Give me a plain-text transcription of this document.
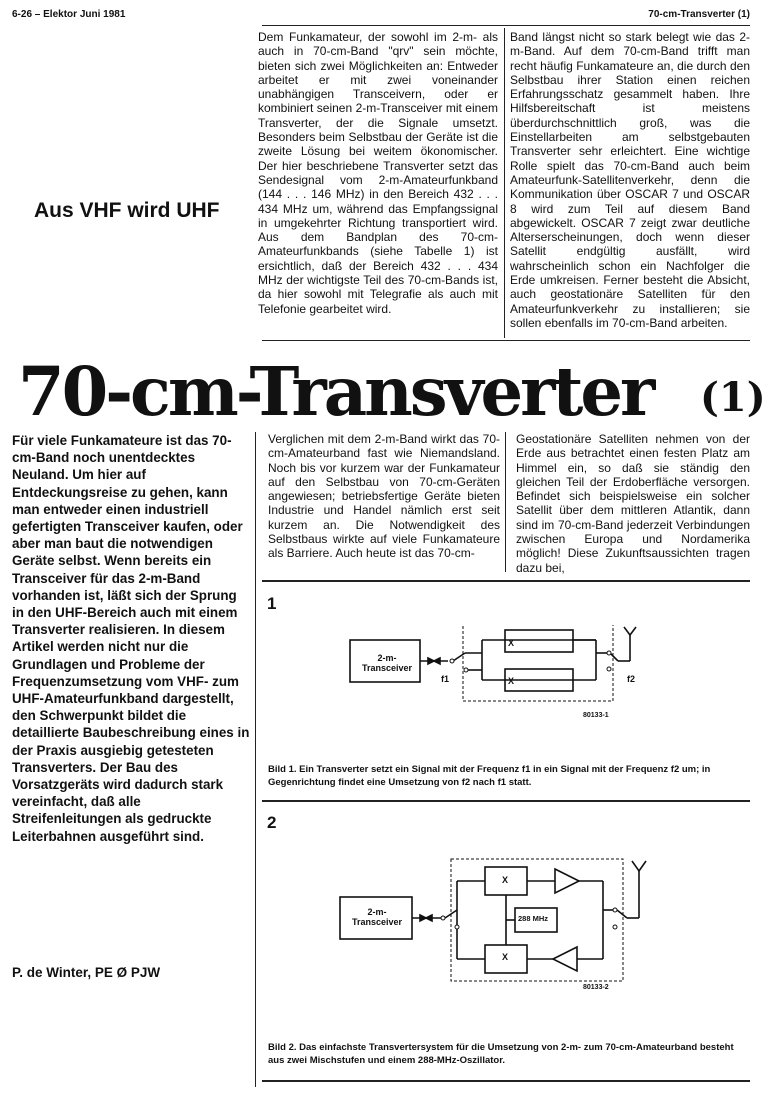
6-26 – Elektor Juni 1981	70-cm-Transverter (1)
Aus VHF wird UHF
Dem Funkamateur, der sowohl im 2-m- als auch in 70-cm-Band "qrv" sein möchte, bieten sich zwei Möglichkeiten an: Entweder arbeitet er mit zwei voneinander unabhängigen Transceivern, oder er kombiniert seinen 2-m-Transceiver mit einem Transverter, der die Signale umsetzt. Besonders beim Selbstbau der Geräte ist die zweite Lösung bei weitem ökonomischer. Der hier beschriebene Transverter setzt das Sendesignal vom 2-m-Amateurfunkband (144 . . . 146 MHz) in den Bereich 432 . . . 434 MHz um, während das Empfangssignal in umgekehrter Richtung transportiert wird. Aus dem Bandplan des 70-cm-Amateurfunkbands (siehe Tabelle 1) ist ersichtlich, daß der Bereich 432 . . . 434 MHz der wichtigste Teil des 70-cm-Bands ist, da hier sowohl mit Telegrafie als auch mit Telefonie gearbeitet wird.
Band längst nicht so stark belegt wie das 2-m-Band. Auf dem 70-cm-Band trifft man recht häufig Funkamateure an, die durch den Selbstbau ihrer Station einen reichen Erfahrungsschatz gesammelt haben. Ihre Hilfsbereitschaft ist meistens überdurchschnittlich groß, was die Einstellarbeiten am selbstgebauten Transverter sehr erleichtert. Eine wichtige Rolle spielt das 70-cm-Band auch beim Amateurfunk-Satellitenverkehr, denn die Kommunikation über OSCAR 7 und OSCAR 8 wird zum Teil auf diesem Band abgewickelt. OSCAR 7 zeigt zwar deutliche Alterserscheinungen, doch wenn dieser Satellit endgültig ausfällt, wird wahrscheinlich schon ein Nachfolger die Erde umkreisen. Ferner besteht die Absicht, auch geostationäre Satelliten für den Amateurfunkverkehr zu installieren; sie sollen ebenfalls im 70-cm-Band arbeiten.
70-cm-Transverter (1)
Für viele Funkamateure ist das 70-cm-Band noch unentdecktes Neuland. Um hier auf Entdeckungsreise zu gehen, kann man entweder einen industriell gefertigten Transceiver kaufen, oder aber man baut die notwendigen Geräte selbst. Wenn bereits ein Transceiver für das 2-m-Band vorhanden ist, läßt sich der Sprung in den UHF-Bereich auch mit einem Transverter realisieren. In diesem Artikel werden nicht nur die Grundlagen und Probleme der Frequenzumsetzung vom VHF- zum UHF-Amateurfunkband dargestellt, den Schwerpunkt bildet die detaillierte Baubeschreibung eines in der Praxis ausgiebig getesteten Transverters. Der Bau des Vorsatzgeräts wird dadurch stark vereinfacht, daß alle Streifenleitungen als gedruckte Leiterbahnen ausgeführt sind.
P. de Winter, PE Ø PJW
Verglichen mit dem 2-m-Band wirkt das 70-cm-Amateurband fast wie Niemandsland. Noch bis vor kurzem war der Funkamateur auf den Selbstbau von 70-cm-Geräten angewiesen; betriebsfertige Geräte bieten Industrie und Handel nämlich erst seit kurzem an. Die Notwendigkeit des Selbstbaus wirkte auf viele Funkamateure als Barriere. Auch heute ist das 70-cm-
Geostationäre Satelliten nehmen von der Erde aus betrachtet einen festen Platz am Himmel ein, so daß sie ständig den gleichen Teil der Erdoberfläche versorgen. Befindet sich beispielsweise ein solcher Satellit über dem mittleren Atlantik, dann sind im 70-cm-Band jederzeit Verbindungen zwischen Europa und Nordamerika möglich! Diese Zukunftsaussichten tragen dazu bei,
1
2-m-
Transceiver
X
X
f1	f2
80133-1
Bild 1. Ein Transverter setzt ein Signal mit der Frequenz f1 in ein Signal mit der Frequenz f2 um; in Gegenrichtung findet eine Umsetzung von f2 nach f1 statt.
2
2-m-
Transceiver
X
X
288 MHz
80133-2
Bild 2. Das einfachste Transvertersystem für die Umsetzung von 2-m- zum 70-cm-Amateurband besteht aus zwei Mischstufen und einem 288-MHz-Oszillator.
